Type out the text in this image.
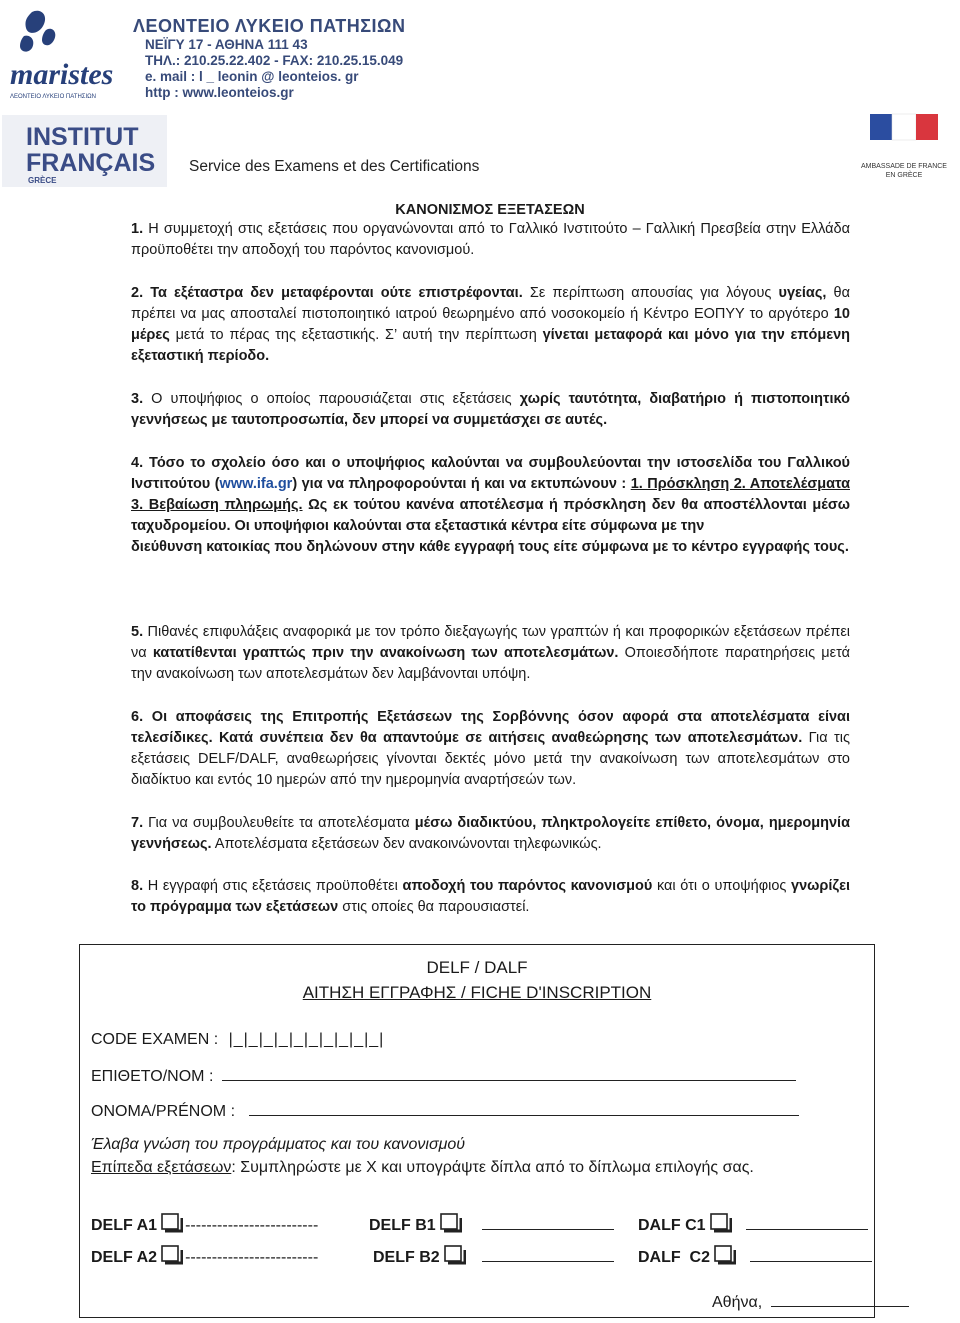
maristes
ΛΕΟΝΤΕΙΟ ΛΥΚΕΙΟ ΠΑΤΗΣΙΩΝ
ΛΕΟΝΤΕΙΟ ΛΥΚΕΙΟ ΠΑΤΗΣΙΩΝ
ΝΕΪΓΥ 17 - ΑΘΗΝΑ 111 43
ΤΗΛ.: 210.25.22.402 - FAX: 210.25.15.049
e. mail : l _ leonin @ leonteios. gr
http : www.leonteios.gr
INSTITUT
FRANÇAIS
GRÈCE
Service des Examens et des Certifications	AMBASSADE DE FRANCE
EN GRÈCE
ΚΑΝΟΝΙΣΜΟΣ ΕΞΕΤΑΣΕΩΝ
1. Η συμμετοχή στις εξετάσεις που οργανώνονται από το Γαλλικό Ινστιτούτο – Γαλλική Πρεσβεία στην Ελλάδα προϋποθέτει την αποδοχή του παρόντος κανονισμού.
2. Τα εξέταστρα δεν μεταφέρονται ούτε επιστρέφονται. Σε περίπτωση απουσίας για λόγους υγείας, θα πρέπει να μας αποσταλεί πιστοποιητικό ιατρού θεωρημένο από νοσοκομείο ή Κέντρο ΕΟΠΥΥ το αργότερο 10 μέρες μετά το πέρας της εξεταστικής. Σ’ αυτή την περίπτωση γίνεται μεταφορά και μόνο για την επόμενη εξεταστική περίοδο.
3. Ο υποψήφιος ο οποίος παρουσιάζεται στις εξετάσεις χωρίς ταυτότητα, διαβατήριο ή πιστοποιητικό γεννήσεως με ταυτοπροσωπία, δεν μπορεί να συμμετάσχει σε αυτές.
4. Τόσο το σχολείο όσο και ο υποψήφιος καλούνται να συμβουλεύονται την ιστοσελίδα του Γαλλικού Ινστιτούτου (www.ifa.gr) για να πληροφορούνται ή και να εκτυπώνουν : 1. Πρόσκληση 2. Αποτελέσματα 3. Βεβαίωση πληρωμής. Ως εκ τούτου κανένα αποτέλεσμα ή πρόσκληση δεν θα αποστέλλονται μέσω ταχυδρομείου. Οι υποψήφιοι καλούνται στα εξεταστικά κέντρα είτε σύμφωνα με την
διεύθυνση κατοικίας που δηλώνουν στην κάθε εγγραφή τους είτε σύμφωνα με το κέντρο εγγραφής τους.
5. Πιθανές επιφυλάξεις αναφορικά με τον τρόπο διεξαγωγής των γραπτών ή και προφορικών εξετάσεων πρέπει να κατατίθενται γραπτώς πριν την ανακοίνωση των αποτελεσμάτων. Οποιεσδήποτε παρατηρήσεις μετά την ανακοίνωση των αποτελεσμάτων δεν λαμβάνονται υπόψη.
6. Οι αποφάσεις της Επιτροπής Εξετάσεων της Σορβόννης όσον αφορά στα αποτελέσματα είναι τελεσίδικες. Κατά συνέπεια δεν θα απαντούμε σε αιτήσεις αναθεώρησης των αποτελεσμάτων. Για τις εξετάσεις DELF/DALF, αναθεωρήσεις γίνονται δεκτές μόνο μετά την ανακοίνωση των αποτελεσμάτων στο διαδίκτυο και εντός 10 ημερών από την ημερομηνία αναρτήσεών των.
7. Για να συμβουλευθείτε τα αποτελέσματα μέσω διαδικτύου, πληκτρολογείτε επίθετο, όνομα, ημερομηνία γεννήσεως. Αποτελέσματα εξετάσεων δεν ανακοινώνονται τηλεφωνικώς.
8. Η εγγραφή στις εξετάσεις προϋποθέτει αποδοχή του παρόντος κανονισμού και ότι ο υποψήφιος γνωρίζει το πρόγραμμα των εξετάσεων στις οποίες θα παρουσιαστεί.
DELF / DALF
ΑΙΤΗΣΗ ΕΓΓΡΑΦΗΣ / FICHE D'INSCRIPTION
CODE EXAMEN : |_|_|_|_|_|_|_|_|_|_|
ΕΠΙΘΕΤΟ/NOM :
ΟΝΟΜΑ/PRÉNOM :
Έλαβα γνώση του προγράμματος και του κανονισμού
Επίπεδα εξετάσεων: Συμπληρώστε με Χ και υπογράψτε δίπλα από το δίπλωμα επιλογής σας.
DELF A1 -------------------------	DELF B1	DALF C1
DELF A2 -------------------------	DELF B2	DALF  C2
Αθήνα,
